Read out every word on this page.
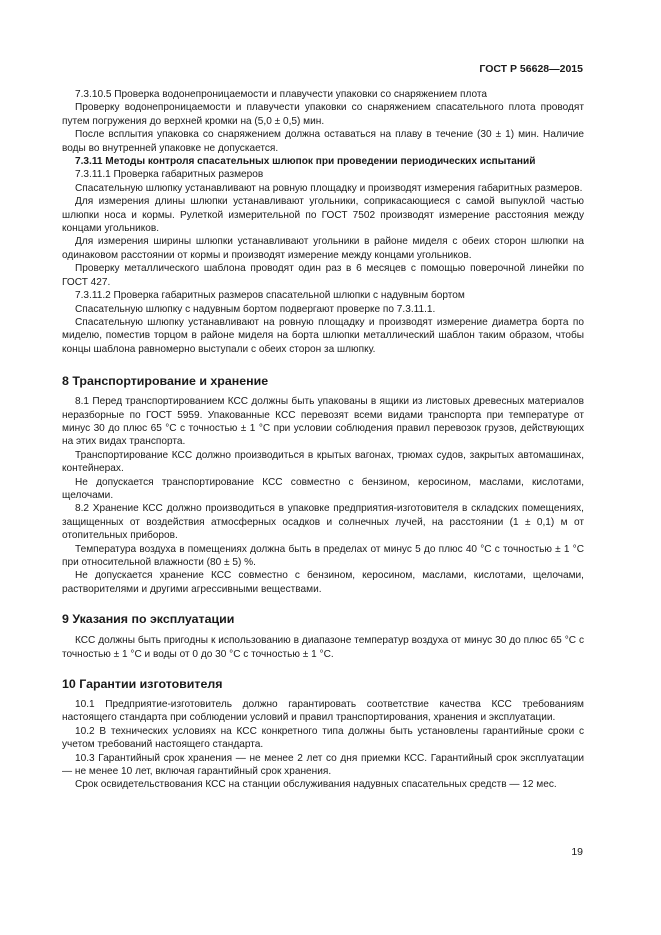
ГОСТ Р 56628—2015

7.3.10.5 Проверка водонепроницаемости и плавучести упаковки со снаряжением плота

Проверку водонепроницаемости и плавучести упаковки со снаряжением спасательного плота проводят путем погружения до верхней кромки на (5,0 ± 0,5) мин.

После всплытия упаковка со снаряжением должна оставаться на плаву в течение (30 ± 1) мин. Наличие воды во внутренней упаковке не допускается.

7.3.11 Методы контроля спасательных шлюпок при проведении периодических испытаний

7.3.11.1 Проверка габаритных размеров

Спасательную шлюпку устанавливают на ровную площадку и производят измерения габаритных размеров.

Для измерения длины шлюпки устанавливают угольники, соприкасающиеся с самой выпуклой частью шлюпки носа и кормы. Рулеткой измерительной по ГОСТ 7502 производят измерение расстояния между концами угольников.

Для измерения ширины шлюпки устанавливают угольники в районе миделя с обеих сторон шлюпки на одинаковом расстоянии от кормы и производят измерение между концами угольников.

Проверку металлического шаблона проводят один раз в 6 месяцев с помощью поверочной линейки по ГОСТ 427.

7.3.11.2 Проверка габаритных размеров спасательной шлюпки с надувным бортом

Спасательную шлюпку с надувным бортом подвергают проверке по 7.3.11.1.

Спасательную шлюпку устанавливают на ровную площадку и производят измерение диаметра борта по миделю, поместив торцом в районе миделя на борта шлюпки металлический шаблон таким образом, чтобы концы шаблона равномерно выступали с обеих сторон за шлюпку.

8 Транспортирование и хранение

8.1 Перед транспортированием КСС должны быть упакованы в ящики из листовых древесных материалов неразборные по ГОСТ 5959. Упакованные КСС перевозят всеми видами транспорта при температуре от минус 30 до плюс 65 °С с точностью ± 1 °С при условии соблюдения правил перевозок грузов, действующих на этих видах транспорта.

Транспортирование КСС должно производиться в крытых вагонах, трюмах судов, закрытых автомашинах, контейнерах.

Не допускается транспортирование КСС совместно с бензином, керосином, маслами, кислотами, щелочами.

8.2 Хранение КСС должно производиться в упаковке предприятия-изготовителя в складских помещениях, защищенных от воздействия атмосферных осадков и солнечных лучей, на расстоянии (1 ± 0,1) м от отопительных приборов.

Температура воздуха в помещениях должна быть в пределах от минус 5 до плюс 40 °С с точностью ± 1 °С при относительной влажности (80 ± 5) %.

Не допускается хранение КСС совместно с бензином, керосином, маслами, кислотами, щелочами, растворителями и другими агрессивными веществами.

9 Указания по эксплуатации

КСС должны быть пригодны к использованию в диапазоне температур воздуха от минус 30 до плюс 65 °С с точностью ± 1 °С и воды от 0 до 30 °С с точностью ± 1 °С.

10 Гарантии изготовителя

10.1 Предприятие-изготовитель должно гарантировать соответствие качества КСС требованиям настоящего стандарта при соблюдении условий и правил транспортирования, хранения и эксплуатации.

10.2 В технических условиях на КСС конкретного типа должны быть установлены гарантийные сроки с учетом требований настоящего стандарта.

10.3 Гарантийный срок хранения — не менее 2 лет со дня приемки КСС. Гарантийный срок эксплуатации — не менее 10 лет, включая гарантийный срок хранения.

Срок освидетельствования КСС на станции обслуживания надувных спасательных средств — 12 мес.

19
